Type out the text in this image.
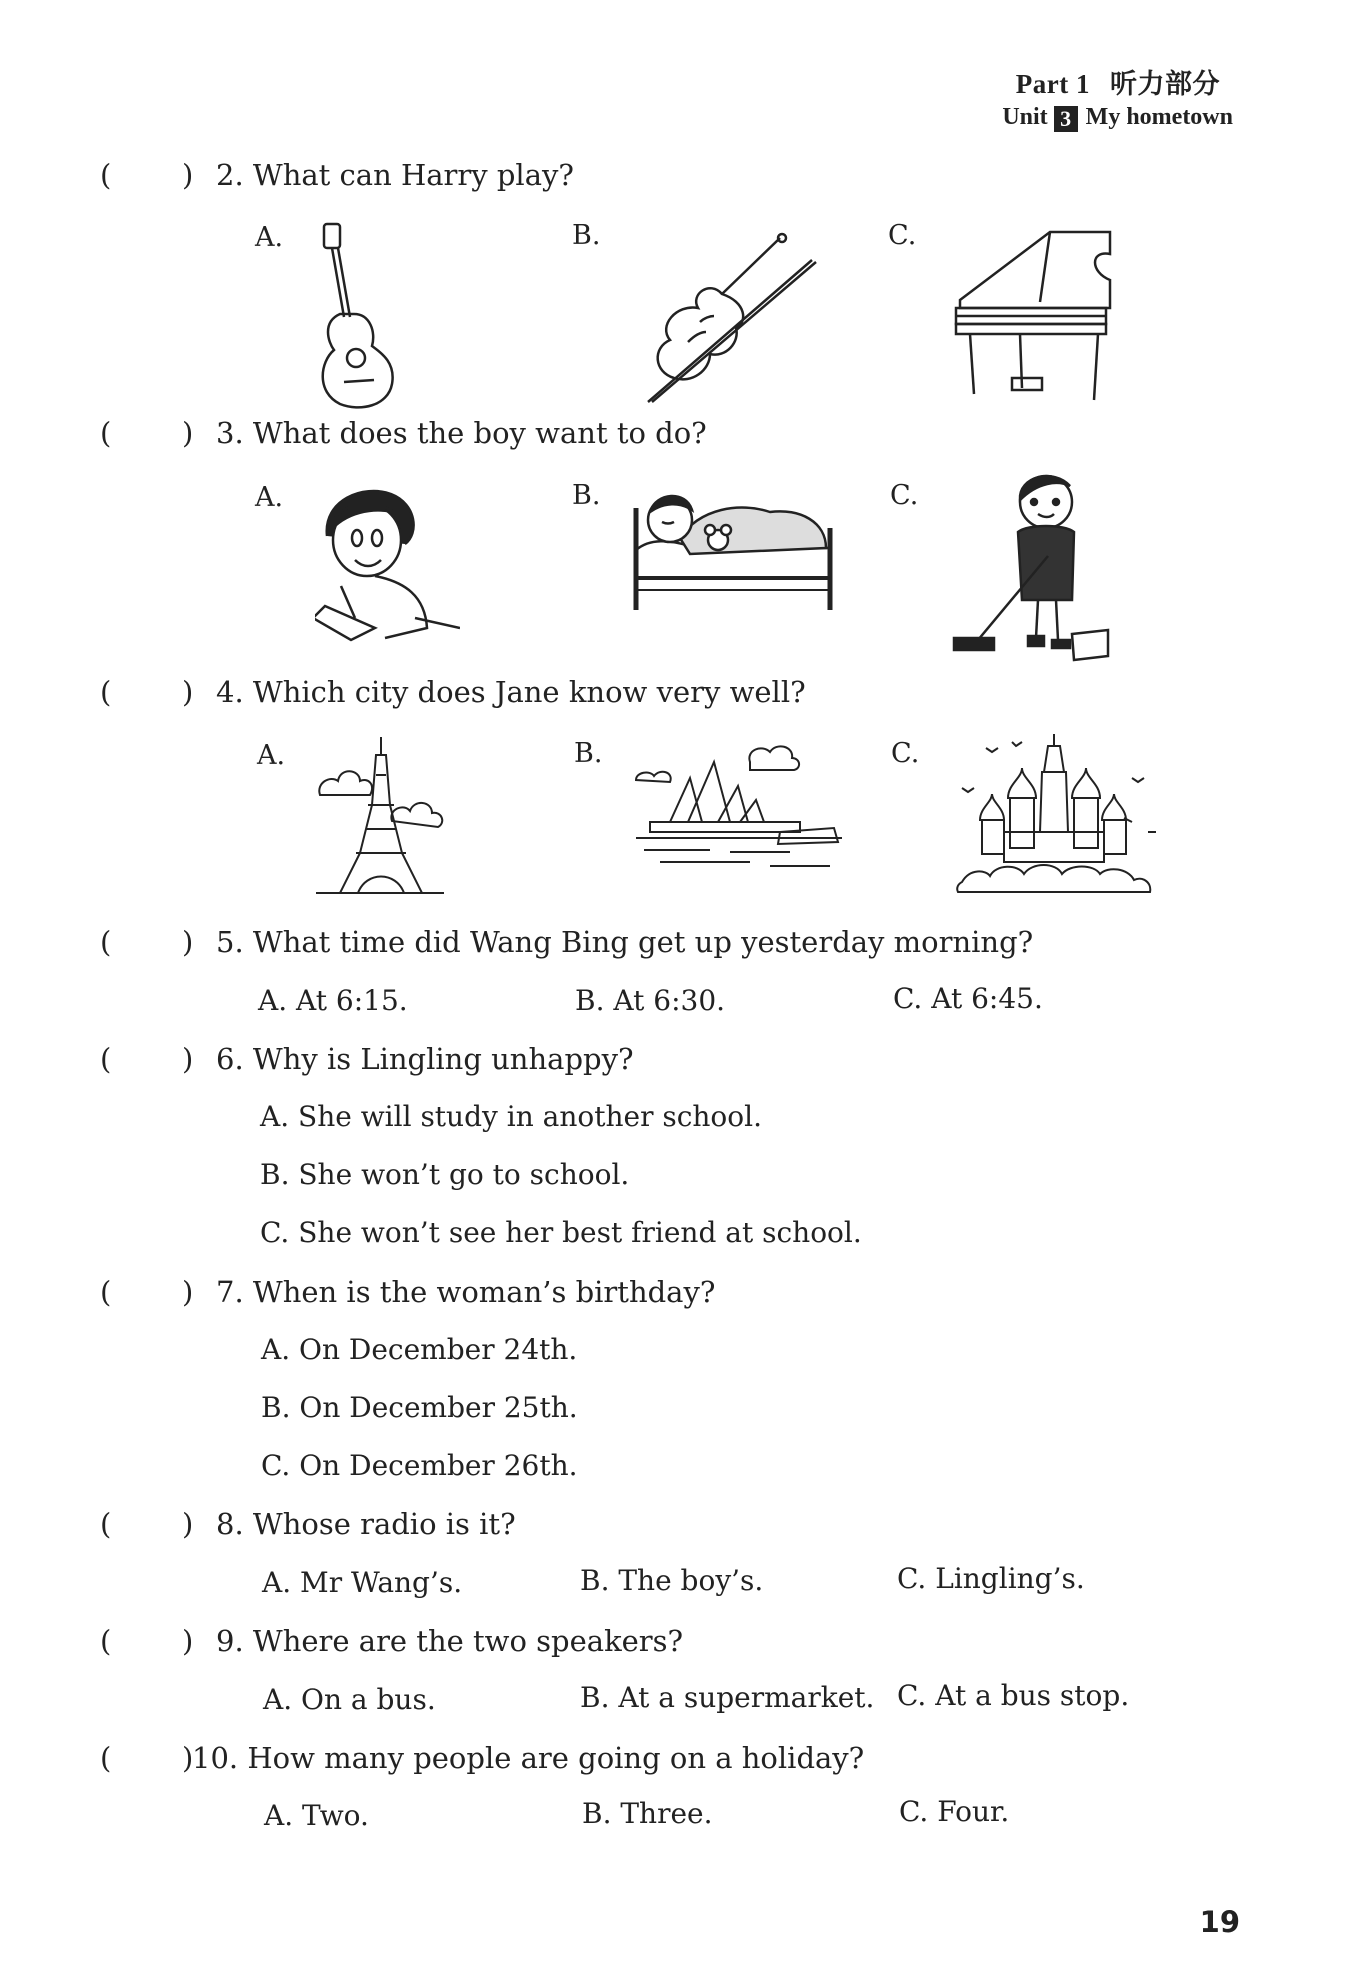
Part 1 听力部分
Unit 3 My hometown
( ) 2. What can Harry play?
A.	B.	C.
( ) 3. What does the boy want to do?
A.	B.	C.
( ) 4. Which city does Jane know very well?
A.	B.	C.
( ) 5. What time did Wang Bing get up yesterday morning?
A. At 6:15.	B. At 6:30.	C. At 6:45.
( ) 6. Why is Lingling unhappy?
A. She will study in another school.
B. She won’t go to school.
C. She won’t see her best friend at school.
( ) 7. When is the woman’s birthday?
A. On December 24th.
B. On December 25th.
C. On December 26th.
( ) 8. Whose radio is it?
A. Mr Wang’s.	B. The boy’s.	C. Lingling’s.
( ) 9. Where are the two speakers?
A. On a bus.	B. At a supermarket. C. At a bus stop.
( )
10. How many people are going on a holiday?
A. Two.	B. Three.	C. Four.
19
